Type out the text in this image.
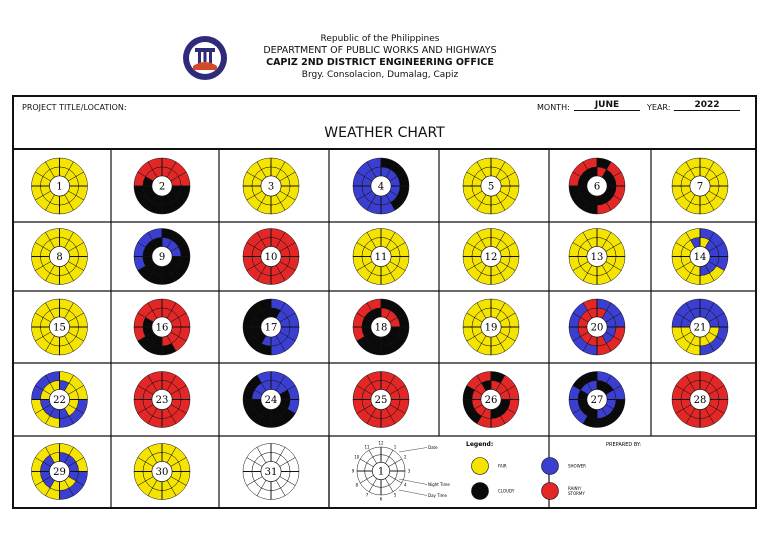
Republic of the Philippines
DEPARTMENT OF PUBLIC WORKS AND HIGHWAYS
CAPIZ 2ND DISTRICT ENGINEERING OFFICE
Brgy. Consolacion, Dumalag, Capiz
PROJECT TITLE/LOCATION:	MONTH:	JUNE	YEAR:	2022
WEATHER CHART
1	2	3	4	5	6	7
8	9	10	11	12	13	14
15	16	17	18	19	20	21
22	23	24	25	26	27	28
29	30	31	1
12
1
2
3
4
5
6
7
8
9
10
11	Date
Night Time
Day Time
Legend:
FAIR	SHOWER
CLOUDY	RAINY/
STORMY
PREPARED BY:
